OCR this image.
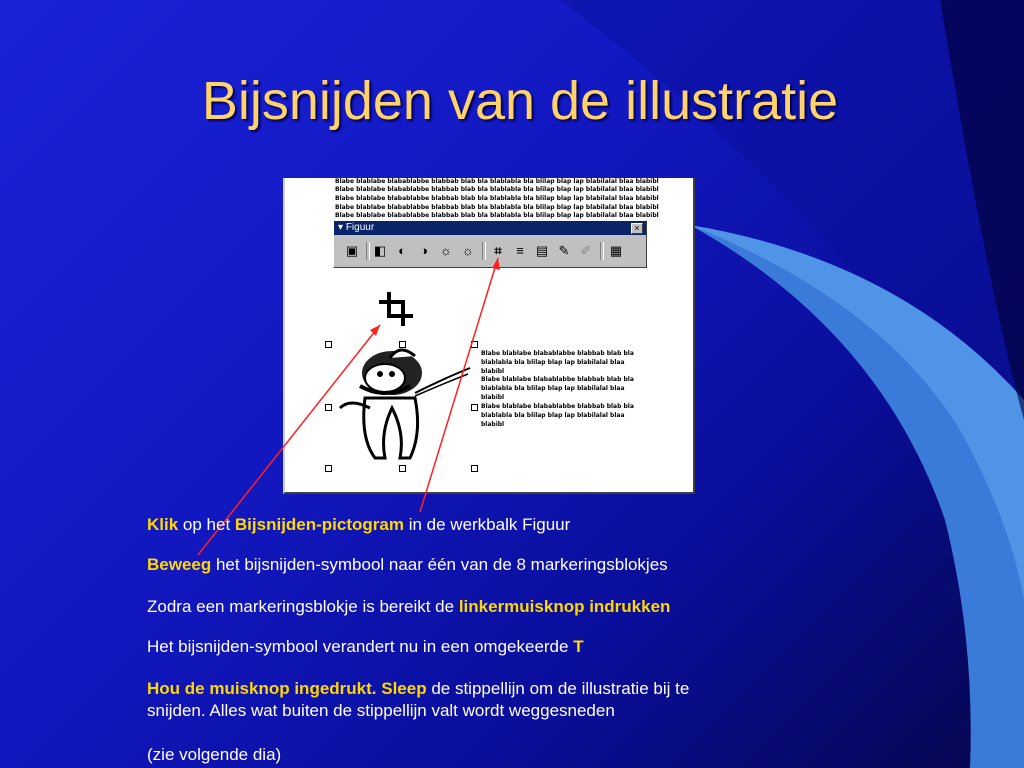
Bijsnijden van de illustratie
Blabe blablabe blabablabbe blabbab blab bla blablabla bla blilap blap lap blabilalal blaa blabibl
Blabe blablabe blabablabbe blabbab blab bla blablabla bla blilap blap lap blabilalal blaa blabibl
Blabe blablabe blabablabbe blabbab blab bla blablabla bla blilap blap lap blabilalal blaa blabibl
Blabe blablabe blabablabbe blabbab blab bla blablabla bla blilap blap lap blabilalal blaa blabibl
Blabe blablabe blabablabbe blabbab blab bla blablabla bla blilap blap lap blabilalal blaa blabibl
▾ Figuur	×
▣ ◧ ◐	◑ ☼ ☼	⌗	≡ ▤ ✎ ✐	▦
Blabe blablabe blabablabbe blabbab blab bla
blablabla bla blilap blap lap blabilalal blaa
blabibl
Blabe blablabe blabablabbe blabbab blab bla
blablabla bla blilap blap lap blabilalal blaa
blabibl
Blabe blablabe blabablabbe blabbab blab bla
blablabla bla blilap blap lap blabilalal blaa
blabibl
Klik op het Bijsnijden-pictogram in de werkbalk Figuur
Beweeg het bijsnijden-symbool naar één van de 8 markeringsblokjes
Zodra een markeringsblokje is bereikt de linkermuisknop indrukken
Het bijsnijden-symbool verandert nu in een omgekeerde T
Hou de muisknop ingedrukt. Sleep de stippellijn om de illustratie bij te
snijden. Alles wat buiten de stippellijn valt wordt weggesneden
(zie volgende dia)
